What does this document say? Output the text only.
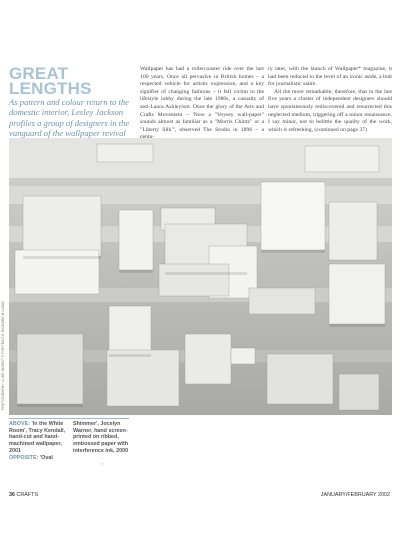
GREAT
LENGTHS
As pattern and colour return to the domestic interior, Lesley Jackson profiles a group of designers in the vanguard of the wallpaper revival

Wallpaper has had a rollercoaster ride over the last 100 years. Once all pervasive in British homes – a respected vehicle for artistic expression, and a key signifier of changing fashions – it fell victim to the lifestyle lobby during the late 1980s, a casualty of anti-Laura Ashleyism. Once the glory of the Arts and Crafts Movement – 'Now a "Voysey wall-paper" sounds almost as familiar as a "Morris Chintz" or a "Liberty Silk"', observed The Studio in 1896 – a

ry later, with the launch of Wallpaper* magazine, it had been reduced to the level of an ironic aside, a butt for journalistic satire.

All the more remarkable, therefore, that in the last five years a cluster of independent designers should have spontaneously rediscovered and resurrected this neglected medium, triggering off a minor renaissance. I say minor, not to belittle the quality of the work, which is refreshing, (continued on page 37)

PHOTOGRAPHY: LUKE MORRITT/ PORTRAITS: RICHARD HYLAND
ABOVE: 'In the White Room', Tracy Kendall, hand-cut and hand-machined wallpaper, 2001
OPPOSITE: 'Oval
Shimmer', Jocelyn Warner, hand screen-printed on ribbed, embossed paper with interference ink, 2000
↑
36 CRAFTS	JANUARY/FEBRUARY 2002
